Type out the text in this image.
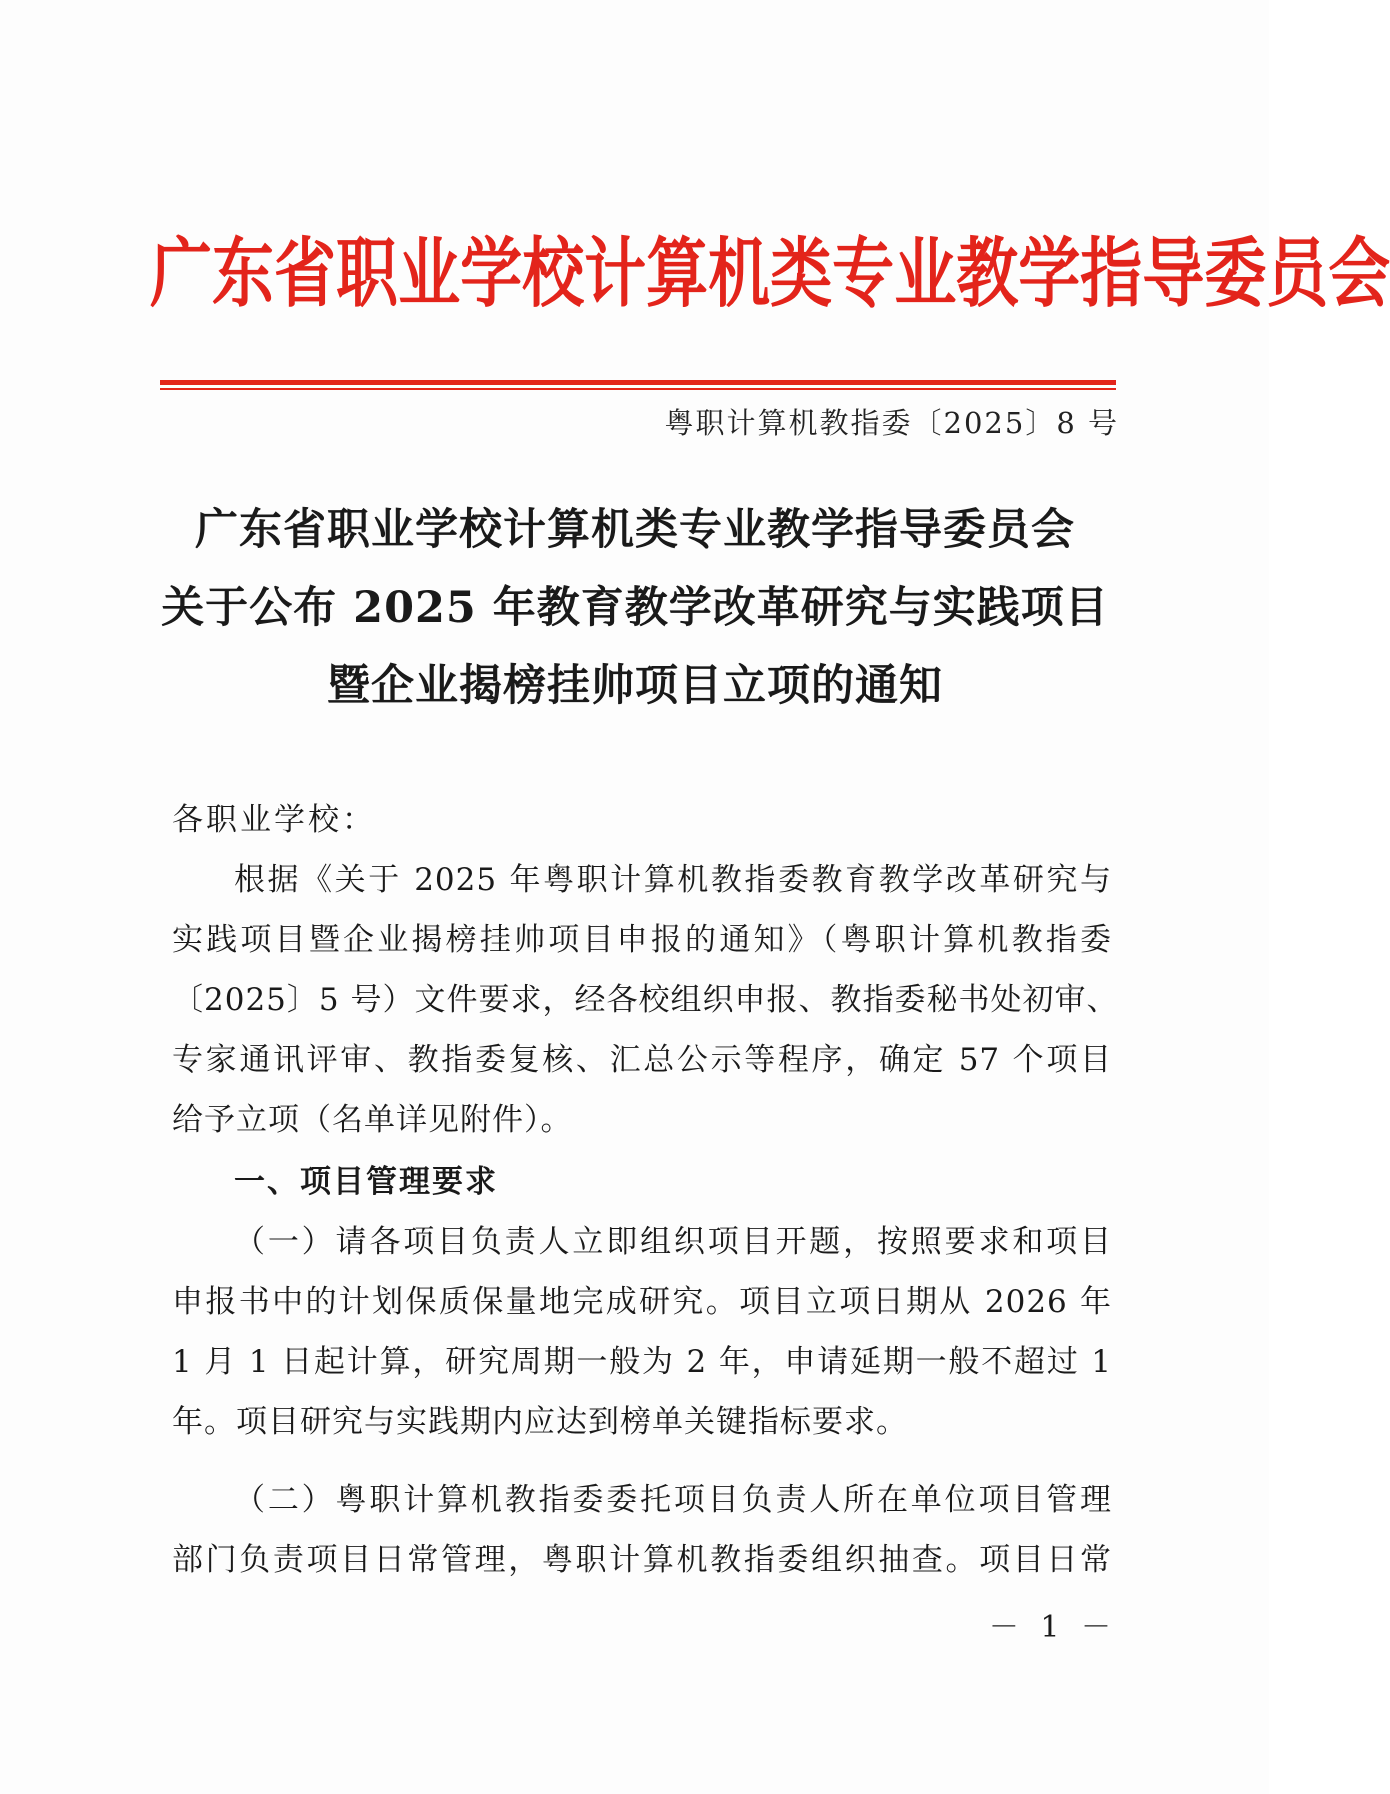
广 东 省 职 业 学 校 计 算 机 类 专 业 教 学 指 导 委 员 会
粤职计算机教指委〔2025〕8 号
广东省职业学校计算机类专业教学指导委员会
关于公布 2025 年教育教学改革研究与实践项目
暨企业揭榜挂帅项目立项的通知
各职业学校：
根据《关于 2025 年粤职计算机教指委教育教学改革研究与
实践项目暨企业揭榜挂帅项目申报的通知》（粤职计算机教指委
〔2025〕5 号）文件要求，经各校组织申报、教指委秘书处初审、
专家通讯评审、教指委复核、汇总公示等程序，确定 57 个项目
给予立项（名单详见附件）。
一、项目管理要求
（一）请各项目负责人立即组织项目开题，按照要求和项目
申报书中的计划保质保量地完成研究。项目立项日期从 2026 年
1 月 1 日起计算，研究周期一般为 2 年，申请延期一般不超过 1
年。项目研究与实践期内应达到榜单关键指标要求。
（二）粤职计算机教指委委托项目负责人所在单位项目管理
部门负责项目日常管理，粤职计算机教指委组织抽查。项目日常
－ 1 －
